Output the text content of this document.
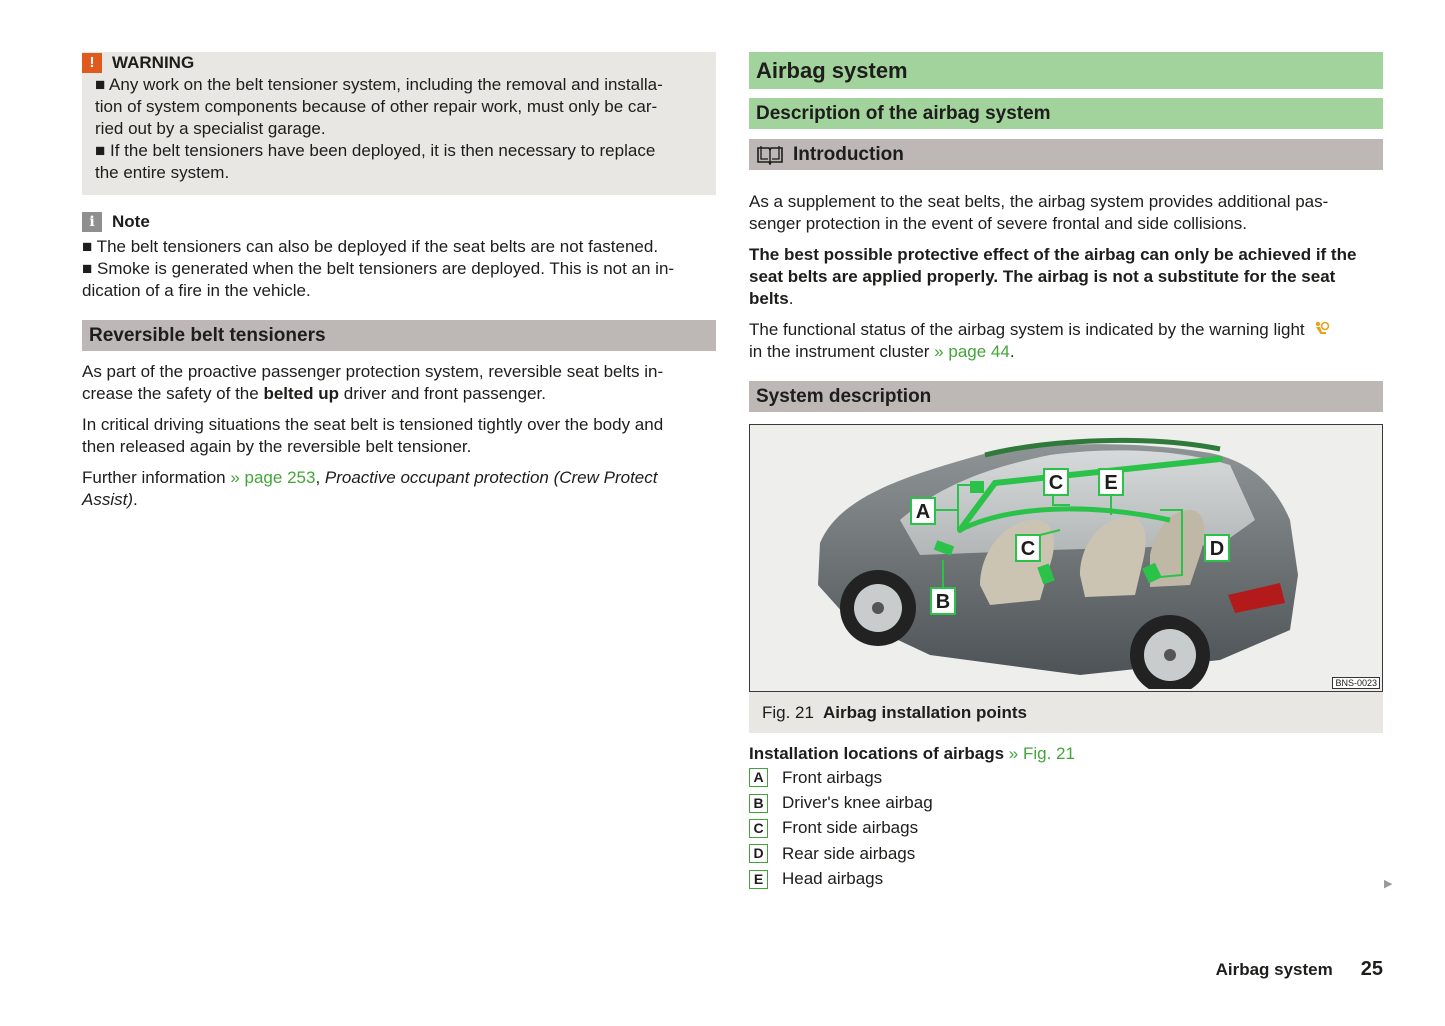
!	WARNING

■ Any work on the belt tensioner system, including the removal and installa-

tion of system components because of other repair work, must only be car-

ried out by a specialist garage.

■ If the belt tensioners have been deployed, it is then necessary to replace

the entire system.

i	Note

■ The belt tensioners can also be deployed if the seat belts are not fastened.

■ Smoke is generated when the belt tensioners are deployed. This is not an in-

dication of a fire in the vehicle.

Reversible belt tensioners

As part of the proactive passenger protection system, reversible seat belts in-

crease the safety of the belted up driver and front passenger.

In critical driving situations the seat belt is tensioned tightly over the body and

then released again by the reversible belt tensioner.

Further information » page 253, Proactive occupant protection (Crew Protect

Assist).

Airbag system
Description of the airbag system
Introduction

As a supplement to the seat belts, the airbag system provides additional pas-

senger protection in the event of severe frontal and side collisions.

The best possible protective effect of the airbag can only be achieved if the

seat belts are applied properly. The airbag is not a substitute for the seat

belts.

The functional status of the airbag system is indicated by the warning light

in the instrument cluster » page 44.

System description
A
B
C
C E
D
BNS-0023
Fig. 21 Airbag installation points
Installation locations of airbags » Fig. 21
A Front airbags
B Driver's knee airbag
C Front side airbags
D Rear side airbags
E Head airbags	▶
Airbag system 25
